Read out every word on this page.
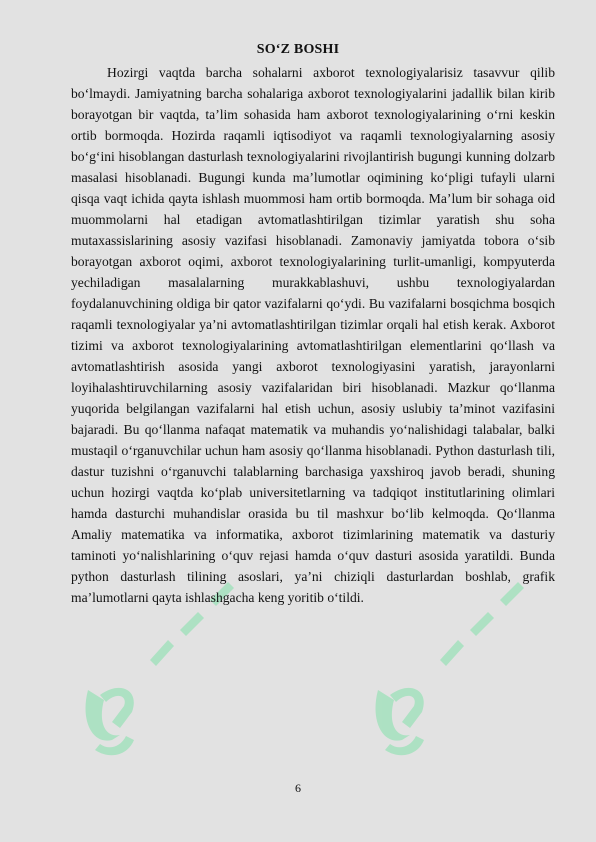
SO‘Z BOSHI

Hozirgi vaqtda barcha sohalarni axborot texnologiyalarisiz tasavvur qilib bo‘lmaydi. Jamiyatning barcha sohalariga axborot texnologiyalarini jadallik bilan kirib borayotgan bir vaqtda, ta’lim sohasida ham axborot texnologiyalarining o‘rni keskin ortib bormoqda. Hozirda raqamli iqtisodiyot va raqamli texnologiyalarning asosiy bo‘g‘ini hisoblangan dasturlash texnologiyalarini rivojlantirish bugungi kunning dolzarb masalasi hisoblanadi. Bugungi kunda ma’lumotlar oqimining ko‘pligi tufayli ularni qisqa vaqt ichida qayta ishlash muommosi ham ortib bormoqda. Ma’lum bir sohaga oid muommolarni hal etadigan avtomatlashtirilgan tizimlar yaratish shu soha mutaxassislarining asosiy vazifasi hisoblanadi. Zamonaviy jamiyatda tobora o‘sib borayotgan axborot oqimi, axborot texnologiyalarining turlit-umanligi, kompyuterda yechiladigan masalalarning murakkablashuvi, ushbu texnologiyalardan foydalanuvchining oldiga bir qator vazifalarni qo‘ydi. Bu vazifalarni bosqichma bosqich raqamli texnologiyalar ya’ni avtomatlashtirilgan tizimlar orqali hal etish kerak. Axborot tizimi va axborot texnologiyalarining avtomatlashtirilgan elementlarini qo‘llash va avtomatlashtirish asosida yangi axborot texnologiyasini yaratish, jarayonlarni loyihalashtiruvchilarning asosiy vazifalaridan biri hisoblanadi. Mazkur qo‘llanma yuqorida belgilangan vazifalarni hal etish uchun, asosiy uslubiy ta’minot vazifasini bajaradi. Bu qo‘llanma nafaqat matematik va muhandis yo‘nalishidagi talabalar, balki mustaqil o‘rganuvchilar uchun ham asosiy qo‘llanma hisoblanadi. Python dasturlash tili, dastur tuzishni o‘rganuvchi talablarning barchasiga yaxshiroq javob beradi, shuning uchun hozirgi vaqtda ko‘plab universitetlarning va tadqiqot institutlarining olimlari hamda dasturchi muhandislar orasida bu til mashxur bo‘lib kelmoqda. Qo‘llanma Amaliy matematika va informatika, axborot tizimlarining matematik va dasturiy taminoti yo‘nalishlarining o‘quv rejasi hamda o‘quv dasturi asosida yaratildi. Bunda python dasturlash tilining asoslari, ya’ni chiziqli dasturlardan boshlab, grafik ma’lumotlarni qayta ishlashgacha keng yoritib o‘tildi.

6
